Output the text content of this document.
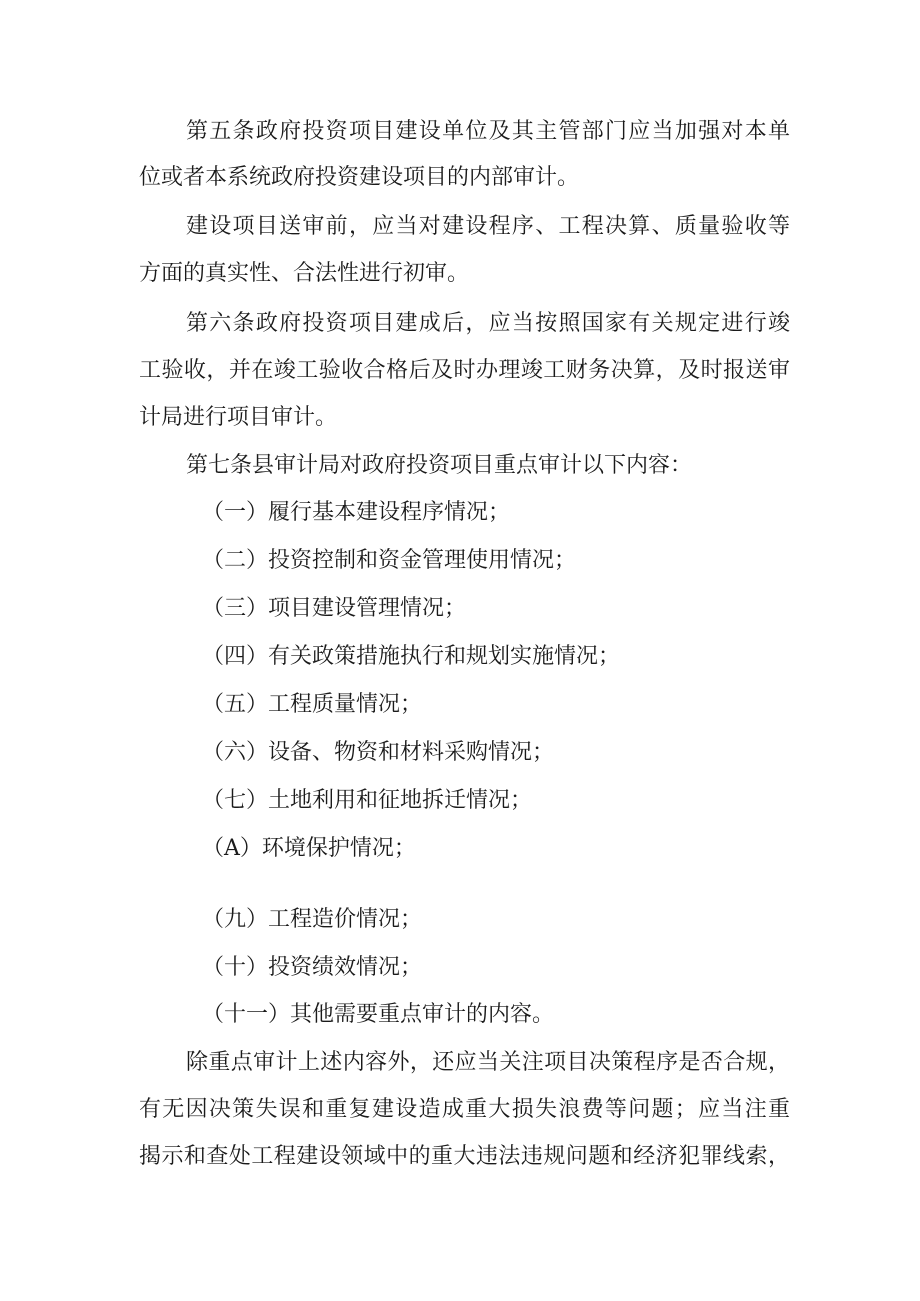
第五条政府投资项目建设单位及其主管部门应当加强对本单
位或者本系统政府投资建设项目的内部审计。
建设项目送审前，应当对建设程序、工程决算、质量验收等
方面的真实性、合法性进行初审。
第六条政府投资项目建成后，应当按照国家有关规定进行竣
工验收，并在竣工验收合格后及时办理竣工财务决算，及时报送审
计局进行项目审计。
第七条县审计局对政府投资项目重点审计以下内容：
（一）履行基本建设程序情况；
（二）投资控制和资金管理使用情况；
（三）项目建设管理情况；
（四）有关政策措施执行和规划实施情况；
（五）工程质量情况；
（六）设备、物资和材料采购情况；
（七）土地利用和征地拆迁情况；
（A）环境保护情况；
（九）工程造价情况；
（十）投资绩效情况；
（十一）其他需要重点审计的内容。
除重点审计上述内容外，还应当关注项目决策程序是否合规，
有无因决策失误和重复建设造成重大损失浪费等问题；应当注重
揭示和查处工程建设领域中的重大违法违规问题和经济犯罪线索，
